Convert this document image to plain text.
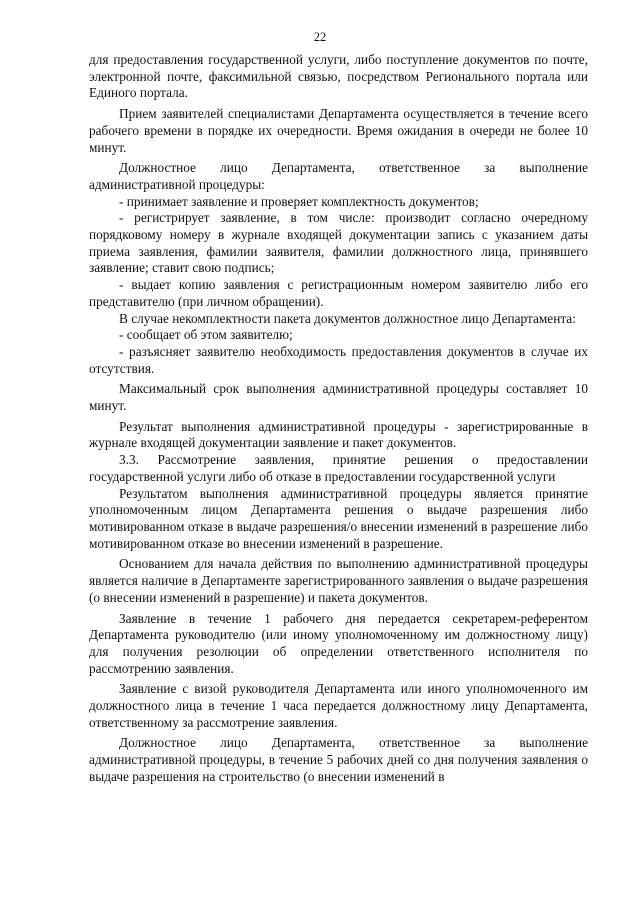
22

для предоставления государственной услуги, либо поступление документов по почте, электронной почте, факсимильной связью, посредством Регионального портала или Единого портала.

Прием заявителей специалистами Департамента осуществляется в течение всего рабочего времени в порядке их очередности. Время ожидания в очереди не более 10 минут.

Должностное лицо Департамента, ответственное за выполнение административной процедуры:

- принимает заявление и проверяет комплектность документов;

- регистрирует заявление, в том числе: производит согласно очередному порядковому номеру в журнале входящей документации запись с указанием даты приема заявления, фамилии заявителя, фамилии должностного лица, принявшего заявление; ставит свою подпись;

- выдает копию заявления с регистрационным номером заявителю либо его представителю (при личном обращении).

В случае некомплектности пакета документов должностное лицо Департамента:

- сообщает об этом заявителю;

- разъясняет заявителю необходимость предоставления документов в случае их отсутствия.

Максимальный срок выполнения административной процедуры составляет 10 минут.

Результат выполнения административной процедуры - зарегистрированные в журнале входящей документации заявление и пакет документов.

3.3. Рассмотрение заявления, принятие решения о предоставлении государственной услуги либо об отказе в предоставлении государственной услуги

Результатом выполнения административной процедуры является принятие уполномоченным лицом Департамента решения о выдаче разрешения либо мотивированном отказе в выдаче разрешения/о внесении изменений в разрешение либо мотивированном отказе во внесении изменений в разрешение.

Основанием для начала действия по выполнению административной процедуры является наличие в Департаменте зарегистрированного заявления о выдаче разрешения (о внесении изменений в разрешение) и пакета документов.

Заявление в течение 1 рабочего дня передается секретарем-референтом Департамента руководителю (или иному уполномоченному им должностному лицу) для получения резолюции об определении ответственного исполнителя по рассмотрению заявления.

Заявление с визой руководителя Департамента или иного уполномоченного им должностного лица в течение 1 часа передается должностному лицу Департамента, ответственному за рассмотрение заявления.

Должностное лицо Департамента, ответственное за выполнение административной процедуры, в течение 5 рабочих дней со дня получения заявления о выдаче разрешения на строительство (о внесении изменений в
